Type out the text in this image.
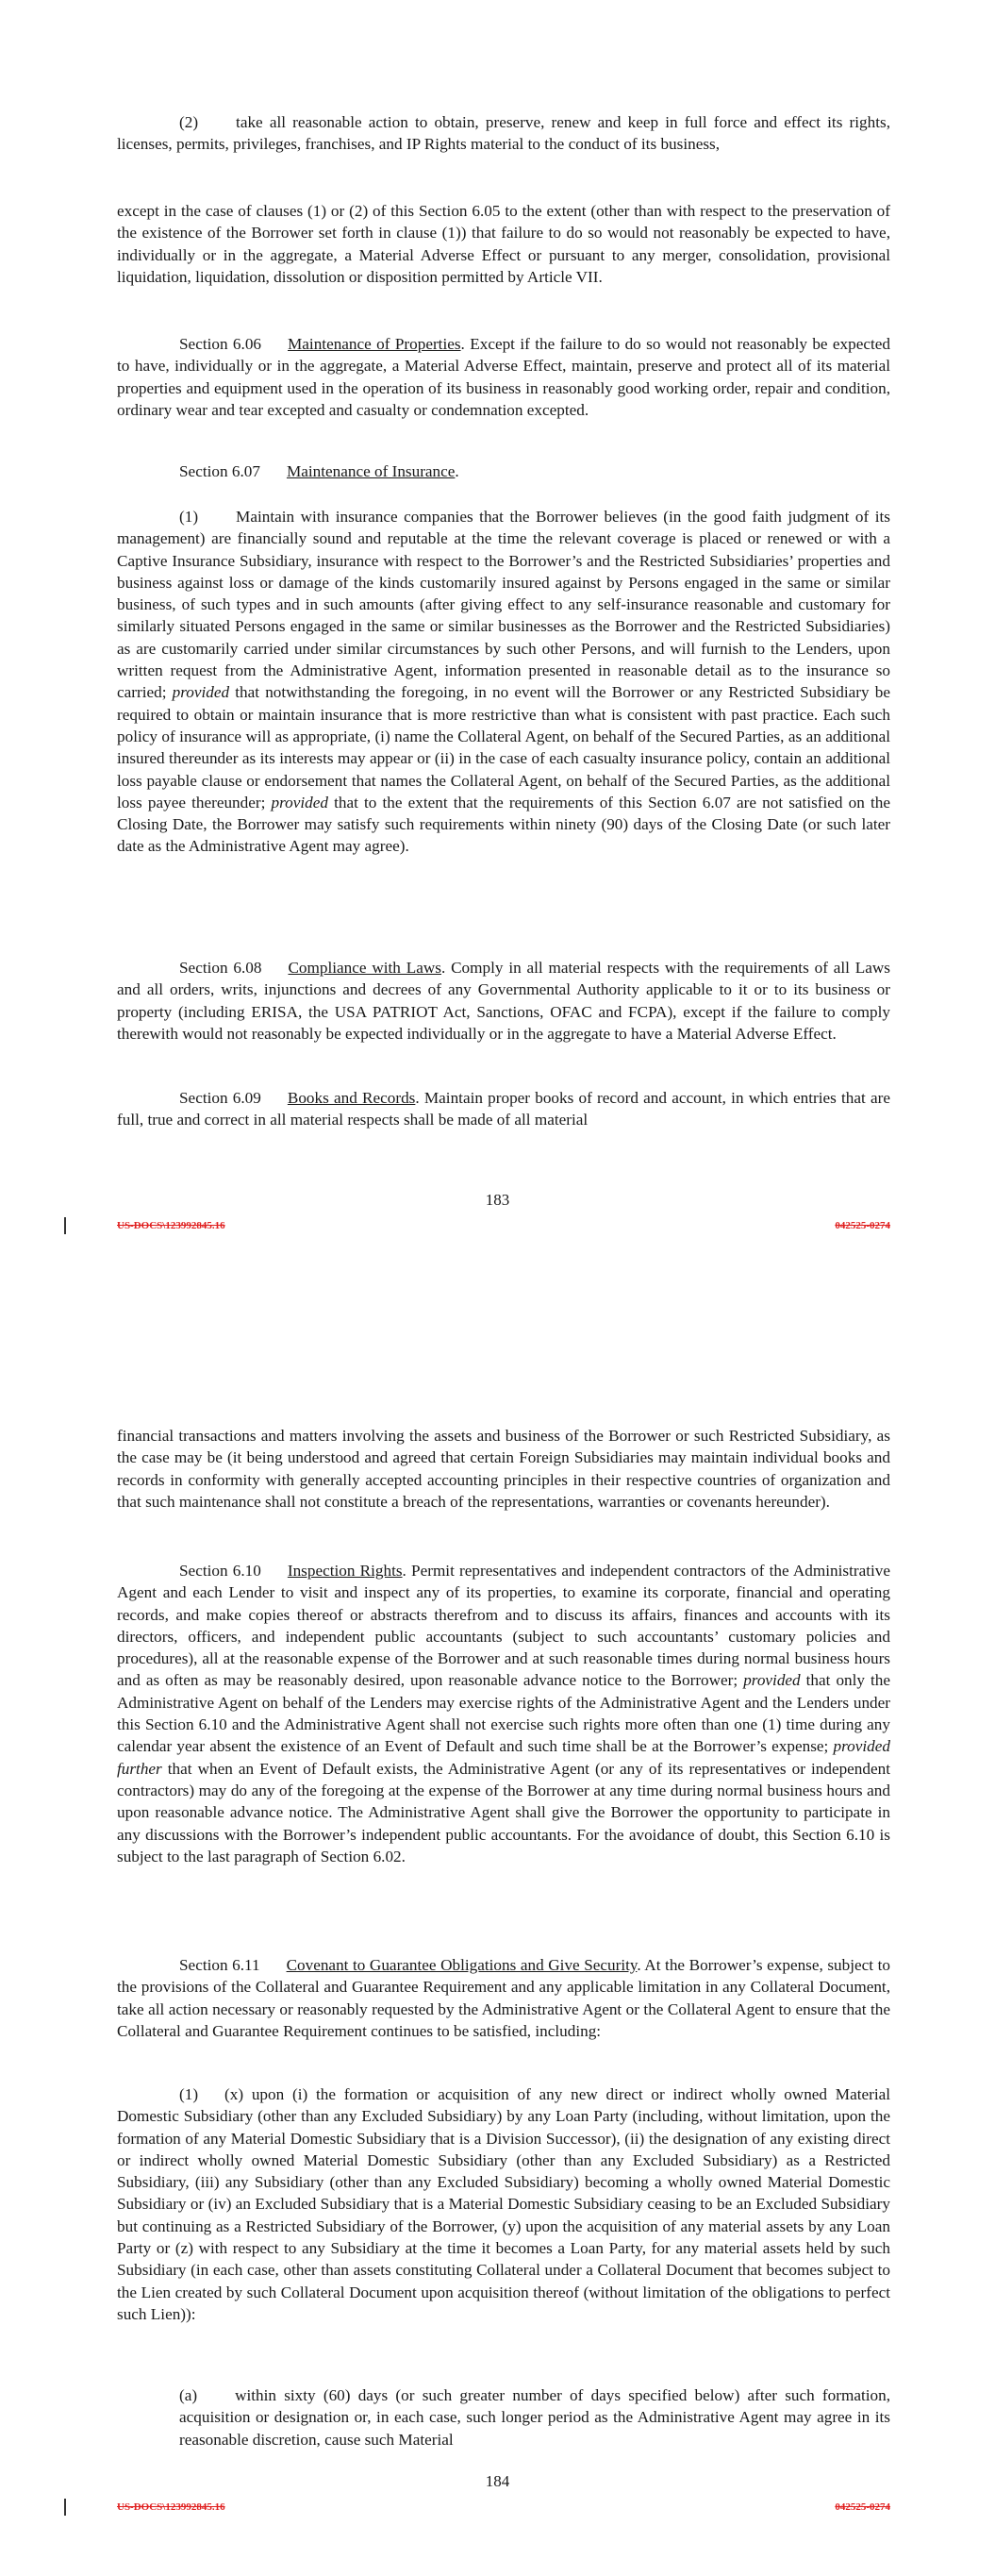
(2) take all reasonable action to obtain, preserve, renew and keep in full force and effect its rights, licenses, permits, privileges, franchises, and IP Rights material to the conduct of its business,

except in the case of clauses (1) or (2) of this Section 6.05 to the extent (other than with respect to the preservation of the existence of the Borrower set forth in clause (1)) that failure to do so would not reasonably be expected to have, individually or in the aggregate, a Material Adverse Effect or pursuant to any merger, consolidation, provisional liquidation, liquidation, dissolution or disposition permitted by Article VII.

Section 6.06 Maintenance of Properties. Except if the failure to do so would not reasonably be expected to have, individually or in the aggregate, a Material Adverse Effect, maintain, preserve and protect all of its material properties and equipment used in the operation of its business in reasonably good working order, repair and condition, ordinary wear and tear excepted and casualty or condemnation excepted.

Section 6.07 Maintenance of Insurance.

(1) Maintain with insurance companies that the Borrower believes (in the good faith judgment of its management) are financially sound and reputable at the time the relevant coverage is placed or renewed or with a Captive Insurance Subsidiary, insurance with respect to the Borrower’s and the Restricted Subsidiaries’ properties and business against loss or damage of the kinds customarily insured against by Persons engaged in the same or similar business, of such types and in such amounts (after giving effect to any self-insurance reasonable and customary for similarly situated Persons engaged in the same or similar businesses as the Borrower and the Restricted Subsidiaries) as are customarily carried under similar circumstances by such other Persons, and will furnish to the Lenders, upon written request from the Administrative Agent, information presented in reasonable detail as to the insurance so carried; provided that notwithstanding the foregoing, in no event will the Borrower or any Restricted Subsidiary be required to obtain or maintain insurance that is more restrictive than what is consistent with past practice. Each such policy of insurance will as appropriate, (i) name the Collateral Agent, on behalf of the Secured Parties, as an additional insured thereunder as its interests may appear or (ii) in the case of each casualty insurance policy, contain an additional loss payable clause or endorsement that names the Collateral Agent, on behalf of the Secured Parties, as the additional loss payee thereunder; provided that to the extent that the requirements of this Section 6.07 are not satisfied on the Closing Date, the Borrower may satisfy such requirements within ninety (90) days of the Closing Date (or such later date as the Administrative Agent may agree).

Section 6.08 Compliance with Laws. Comply in all material respects with the requirements of all Laws and all orders, writs, injunctions and decrees of any Governmental Authority applicable to it or to its business or property (including ERISA, the USA PATRIOT Act, Sanctions, OFAC and FCPA), except if the failure to comply therewith would not reasonably be expected individually or in the aggregate to have a Material Adverse Effect.

Section 6.09 Books and Records. Maintain proper books of record and account, in which entries that are full, true and correct in all material respects shall be made of all material

183
US-DOCS\123992845.16	042525-0274

financial transactions and matters involving the assets and business of the Borrower or such Restricted Subsidiary, as the case may be (it being understood and agreed that certain Foreign Subsidiaries may maintain individual books and records in conformity with generally accepted accounting principles in their respective countries of organization and that such maintenance shall not constitute a breach of the representations, warranties or covenants hereunder).

Section 6.10 Inspection Rights. Permit representatives and independent contractors of the Administrative Agent and each Lender to visit and inspect any of its properties, to examine its corporate, financial and operating records, and make copies thereof or abstracts therefrom and to discuss its affairs, finances and accounts with its directors, officers, and independent public accountants (subject to such accountants’ customary policies and procedures), all at the reasonable expense of the Borrower and at such reasonable times during normal business hours and as often as may be reasonably desired, upon reasonable advance notice to the Borrower; provided that only the Administrative Agent on behalf of the Lenders may exercise rights of the Administrative Agent and the Lenders under this Section 6.10 and the Administrative Agent shall not exercise such rights more often than one (1) time during any calendar year absent the existence of an Event of Default and such time shall be at the Borrower’s expense; provided further that when an Event of Default exists, the Administrative Agent (or any of its representatives or independent contractors) may do any of the foregoing at the expense of the Borrower at any time during normal business hours and upon reasonable advance notice. The Administrative Agent shall give the Borrower the opportunity to participate in any discussions with the Borrower’s independent public accountants. For the avoidance of doubt, this Section 6.10 is subject to the last paragraph of Section 6.02.

Section 6.11 Covenant to Guarantee Obligations and Give Security. At the Borrower’s expense, subject to the provisions of the Collateral and Guarantee Requirement and any applicable limitation in any Collateral Document, take all action necessary or reasonably requested by the Administrative Agent or the Collateral Agent to ensure that the Collateral and Guarantee Requirement continues to be satisfied, including:

(1) (x) upon (i) the formation or acquisition of any new direct or indirect wholly owned Material Domestic Subsidiary (other than any Excluded Subsidiary) by any Loan Party (including, without limitation, upon the formation of any Material Domestic Subsidiary that is a Division Successor), (ii) the designation of any existing direct or indirect wholly owned Material Domestic Subsidiary (other than any Excluded Subsidiary) as a Restricted Subsidiary, (iii) any Subsidiary (other than any Excluded Subsidiary) becoming a wholly owned Material Domestic Subsidiary or (iv) an Excluded Subsidiary that is a Material Domestic Subsidiary ceasing to be an Excluded Subsidiary but continuing as a Restricted Subsidiary of the Borrower, (y) upon the acquisition of any material assets by any Loan Party or (z) with respect to any Subsidiary at the time it becomes a Loan Party, for any material assets held by such Subsidiary (in each case, other than assets constituting Collateral under a Collateral Document that becomes subject to the Lien created by such Collateral Document upon acquisition thereof (without limitation of the obligations to perfect such Lien)):

(a) within sixty (60) days (or such greater number of days specified below) after such formation, acquisition or designation or, in each case, such longer period as the Administrative Agent may agree in its reasonable discretion, cause such Material

184
US-DOCS\123992845.16	042525-0274
